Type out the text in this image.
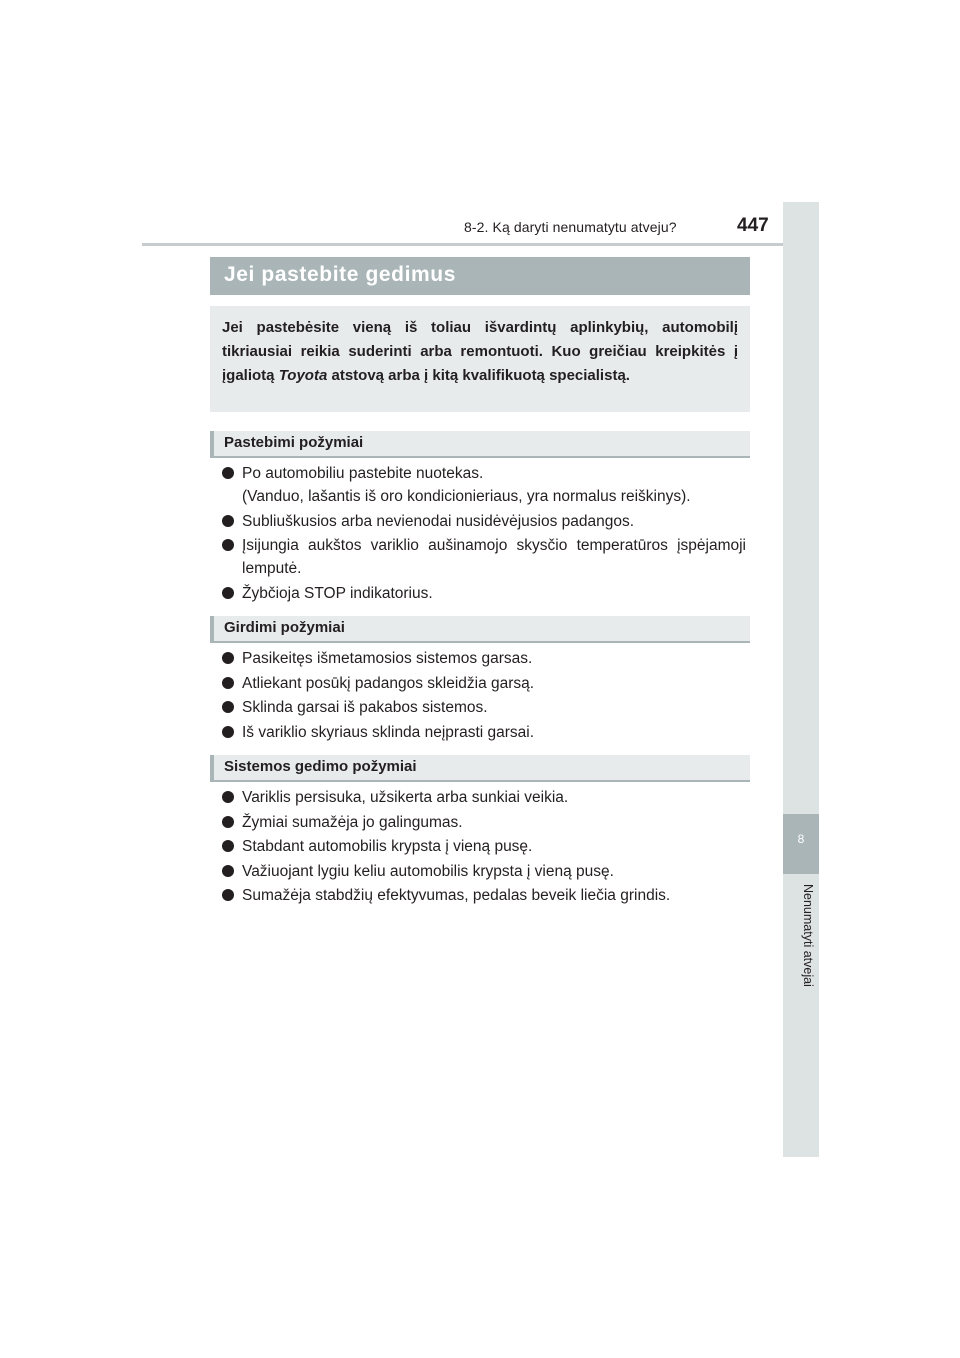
8-2. Ką daryti nenumatytu atveju?	447
8
Nenumatyti atvejai
Jei pastebite gedimus
Jei pastebėsite vieną iš toliau išvardintų aplinkybių, automobilį tikriausiai reikia suderinti arba remontuoti. Kuo greičiau kreipkitės į įgaliotą Toyota atstovą arba į kitą kvalifikuotą specialistą.
Pastebimi požymiai
Po automobiliu pastebite nuotekas.
(Vanduo, lašantis iš oro kondicionieriaus, yra normalus reiškinys).
Subliuškusios arba nevienodai nusidėvėjusios padangos.
Įsijungia aukštos variklio aušinamojo skysčio temperatūros įspėjamoji lemputė.
Žybčioja STOP indikatorius.
Girdimi požymiai
Pasikeitęs išmetamosios sistemos garsas.
Atliekant posūkį padangos skleidžia garsą.
Sklinda garsai iš pakabos sistemos.
Iš variklio skyriaus sklinda neįprasti garsai.
Sistemos gedimo požymiai
Variklis persisuka, užsikerta arba sunkiai veikia.
Žymiai sumažėja jo galingumas.
Stabdant automobilis krypsta į vieną pusę.
Važiuojant lygiu keliu automobilis krypsta į vieną pusę.
Sumažėja stabdžių efektyvumas, pedalas beveik liečia grindis.
